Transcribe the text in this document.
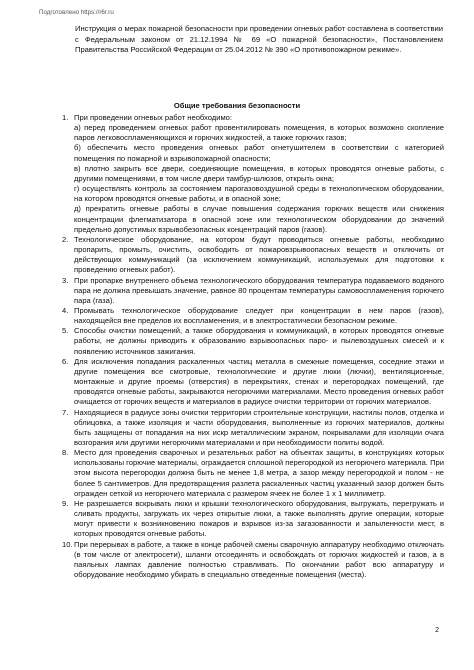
Подготовлено https://r6r.ru
Инструкция о мерах пожарной безопасности при проведении огневых работ составлена в соответствии с Федеральным законом от 21.12.1994 № 69 «О пожарной безопасности», Постановлением Правительства Российской Федерации от 25.04.2012 № 390 «О противопожарном режиме».
Общие требования безопасности
1. При проведении огневых работ необходимо:
а) перед проведением огневых работ провентилировать помещения, в которых возможно скопление паров легковоспламеняющихся и горючих жидкостей, а также горючих газов;
б) обеспечить место проведения огневых работ огнетушителем в соответствии с категорией помещения по пожарной и взрывопожарной опасности;
в) плотно закрыть все двери, соединяющие помещения, в которых проводятся огневые работы, с другими помещениями, в том числе двери тамбур-шлюзов, открыть окна;
г) осуществлять контроль за состоянием парогазовоздушной среды в технологическом оборудовании, на котором проводятся огневые работы, и в опасной зоне;
д) прекратить огневые работы в случае повышения содержания горючих веществ или снижения концентрации флегматизатора в опасной зоне или технологическом оборудовании до значений предельно допустимых взрывобезопасных концентраций паров (газов).
2. Технологическое оборудование, на котором будут проводиться огневые работы, необходимо пропарить, промыть, очистить, освободить от пожаровзрывоопасных веществ и отключить от действующих коммуникаций (за исключением коммуникаций, используемых для подготовки к проведению огневых работ).
3. При пропарке внутреннего объема технологического оборудования температура подаваемого водяного пара не должна превышать значение, равное 80 процентам температуры самовоспламенения горючего пара (газа).
4. Промывать технологическое оборудование следует при концентрации в нем паров (газов), находящейся вне пределов их воспламенения, и в электростатически безопасном режиме.
5. Способы очистки помещений, а также оборудования и коммуникаций, в которых проводятся огневые работы, не должны приводить к образованию взрывоопасных паро- и пылевоздушных смесей и к появлению источников зажигания.
6. Для исключения попадания раскаленных частиц металла в смежные помещения, соседние этажи и другие помещения все смотровые, технологические и другие люки (лючки), вентиляционные, монтажные и другие проемы (отверстия) в перекрытиях, стенах и перегородках помещений, где проводятся огневые работы, закрываются негорючими материалами. Место проведения огневых работ очищается от горючих веществ и материалов в радиусе очистки территории от горючих материалов.
7. Находящиеся в радиусе зоны очистки территории строительные конструкции, настилы полов, отделка и облицовка, а также изоляция и части оборудования, выполненные из горючих материалов, должны быть защищены от попадания на них искр металлическим экраном, покрывалами для изоляции очага возгорания или другими негорючими материалами и при необходимости политы водой.
8. Место для проведения сварочных и резательных работ на объектах защиты, в конструкциях которых использованы горючие материалы, ограждается сплошной перегородкой из негорючего материала. При этом высота перегородки должна быть не менее 1,8 метра, а зазор между перегородкой и полом - не более 5 сантиметров. Для предотвращения разлета раскаленных частиц указанный зазор должен быть огражден сеткой из негорючего материала с размером ячеек не более 1 х 1 миллиметр.
9. Не разрешается вскрывать люки и крышки технологического оборудования, выгружать, перегружать и сливать продукты, загружать их через открытые люки, а также выполнять другие операции, которые могут привести к возникновению пожаров и взрывов из-за загазованности и запыленности мест, в которых проводятся огневые работы.
10. При перерывах в работе, а также в конце рабочей смены сварочную аппаратуру необходимо отключать (в том числе от электросети), шланги отсоединять и освобождать от горючих жидкостей и газов, а в паяльных лампах давление полностью стравливать. По окончании работ всю аппаратуру и оборудование необходимо убирать в специально отведенные помещения (места).
2
